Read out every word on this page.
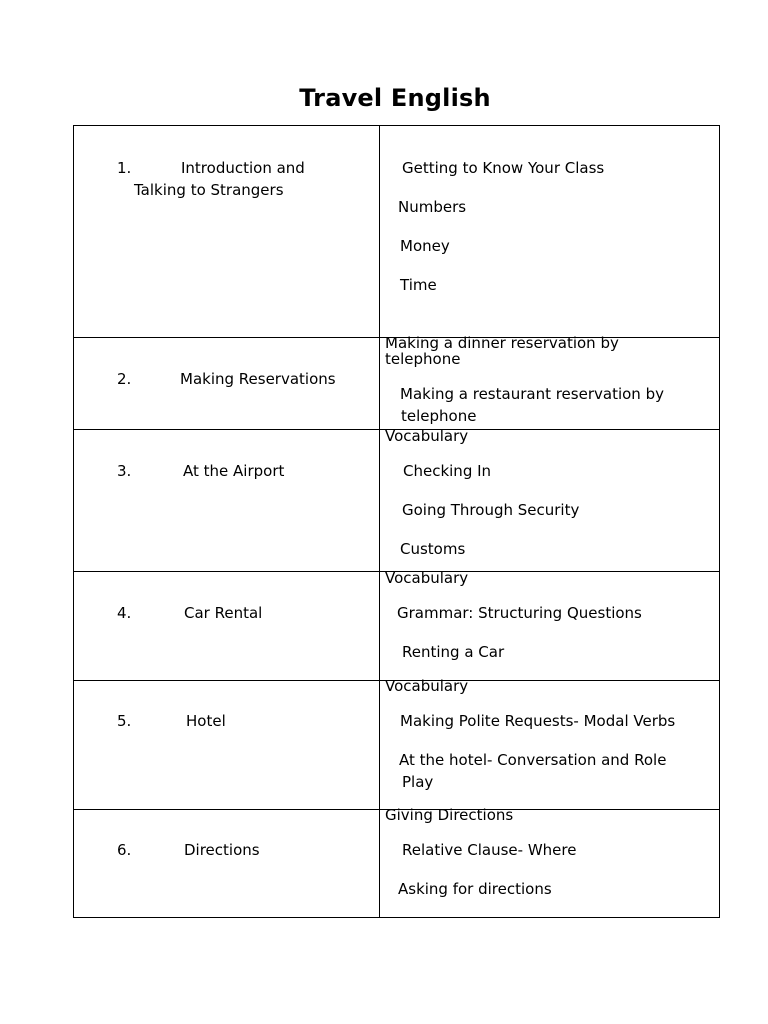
Travel English
1.	Introduction and
Talking to Strangers
Getting to Know Your Class
Numbers
Money
Time
2.	Making Reservations
Making a dinner reservation by
telephone
Making a restaurant reservation by
telephone
3.	At the Airport
Vocabulary
Checking In
Going Through Security
Customs
4.	Car Rental
Vocabulary
Grammar: Structuring Questions
Renting a Car
5.	Hotel
Vocabulary
Making Polite Requests- Modal Verbs
At the hotel- Conversation and Role
Play
6.	Directions
Giving Directions
Relative Clause- Where
Asking for directions
